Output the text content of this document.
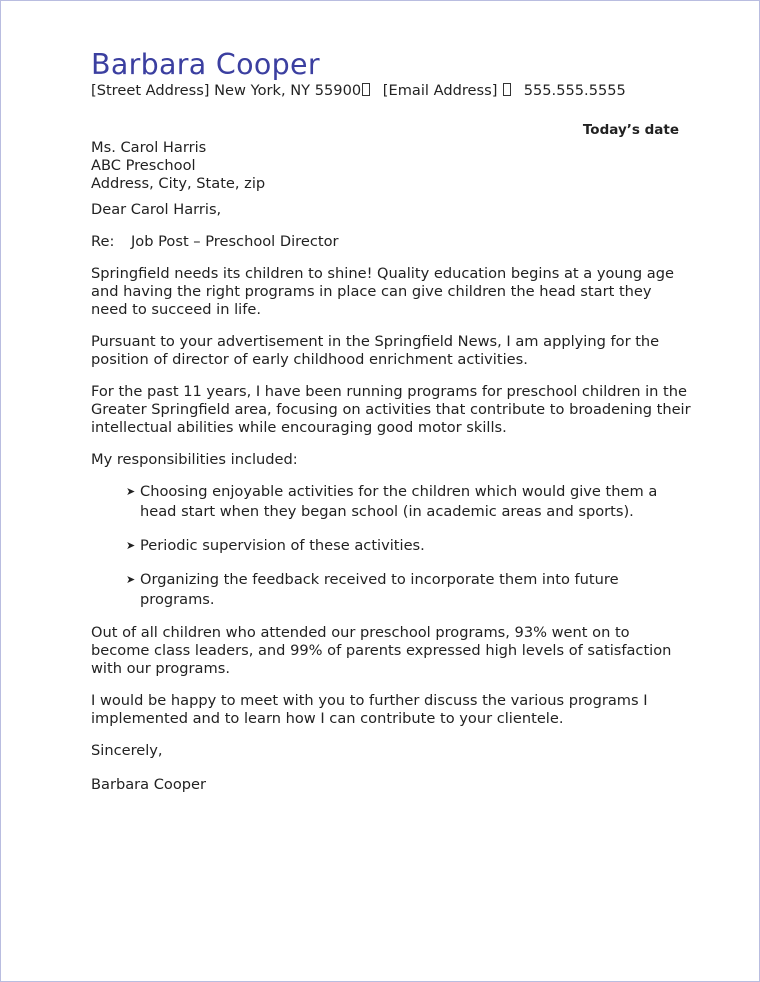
Barbara Cooper
[Street Address] New York, NY 55900 [Email Address] 555.555.5555
Today’s date
Ms. Carol Harris
ABC Preschool
Address, City, State, zip
Dear Carol Harris,
Re: Job Post – Preschool Director

Springfield needs its children to shine! Quality education begins at a young age and having the right programs in place can give children the head start they need to succeed in life.

Pursuant to your advertisement in the Springfield News, I am applying for the position of director of early childhood enrichment activities.

For the past 11 years, I have been running programs for preschool children in the Greater Springfield area, focusing on activities that contribute to broadening their intellectual abilities while encouraging good motor skills.

My responsibilities included:

➤ Choosing enjoyable activities for the children which would give them a head start when they began school (in academic areas and sports).
➤ Periodic supervision of these activities.
➤ Organizing the feedback received to incorporate them into future programs.

Out of all children who attended our preschool programs, 93% went on to become class leaders, and 99% of parents expressed high levels of satisfaction with our programs.

I would be happy to meet with you to further discuss the various programs I implemented and to learn how I can contribute to your clientele.

Sincerely,
Barbara Cooper
